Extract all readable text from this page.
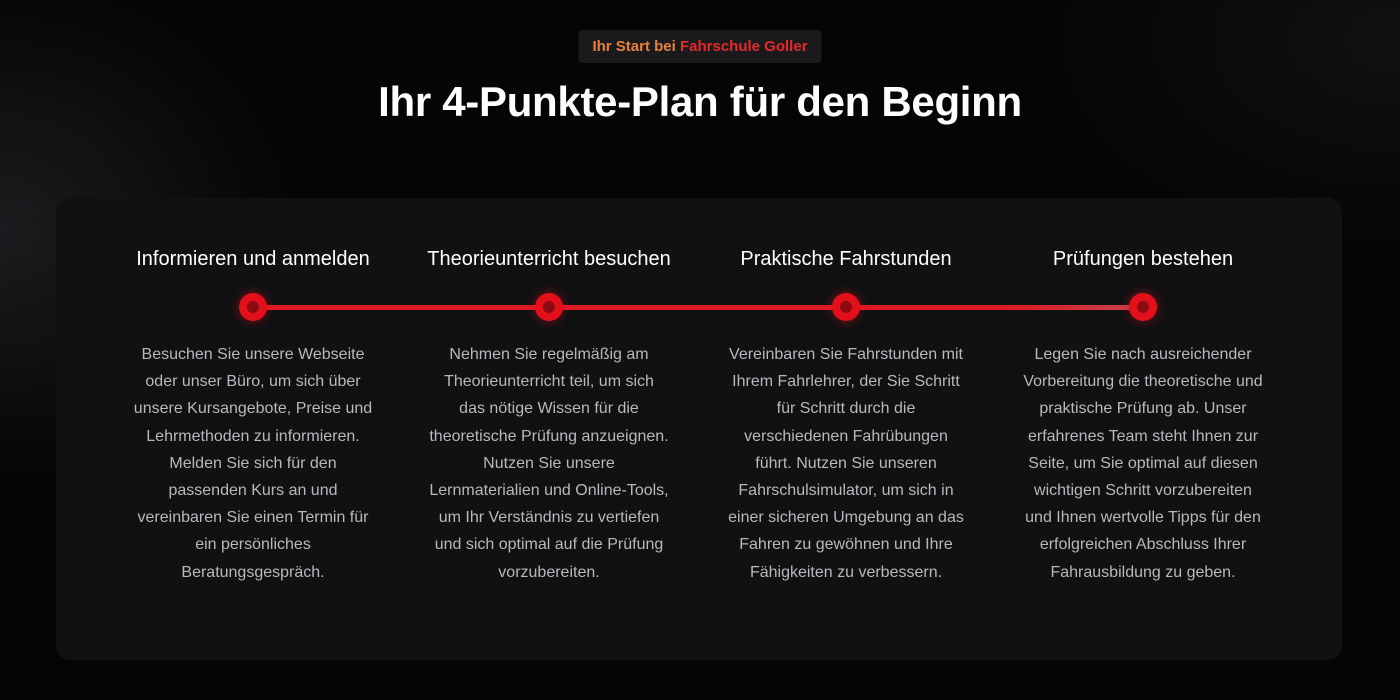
Ihr Start bei Fahrschule Goller
Ihr 4-Punkte-Plan für den Beginn
Informieren und anmelden

Besuchen Sie unsere Webseite oder unser Büro, um sich über unsere Kursangebote, Preise und Lehrmethoden zu informieren. Melden Sie sich für den passenden Kurs an und vereinbaren Sie einen Termin für ein persönliches Beratungsgespräch.

Theorieunterricht besuchen

Nehmen Sie regelmäßig am Theorieunterricht teil, um sich das nötige Wissen für die theoretische Prüfung anzueignen. Nutzen Sie unsere Lernmaterialien und Online-Tools, um Ihr Verständnis zu vertiefen und sich optimal auf die Prüfung vorzubereiten.

Praktische Fahrstunden

Vereinbaren Sie Fahrstunden mit Ihrem Fahrlehrer, der Sie Schritt für Schritt durch die verschiedenen Fahrübungen führt. Nutzen Sie unseren Fahrschulsimulator, um sich in einer sicheren Umgebung an das Fahren zu gewöhnen und Ihre Fähigkeiten zu verbessern.

Prüfungen bestehen

Legen Sie nach ausreichender Vorbereitung die theoretische und praktische Prüfung ab. Unser erfahrenes Team steht Ihnen zur Seite, um Sie optimal auf diesen wichtigen Schritt vorzubereiten und Ihnen wertvolle Tipps für den erfolgreichen Abschluss Ihrer Fahrausbildung zu geben.
